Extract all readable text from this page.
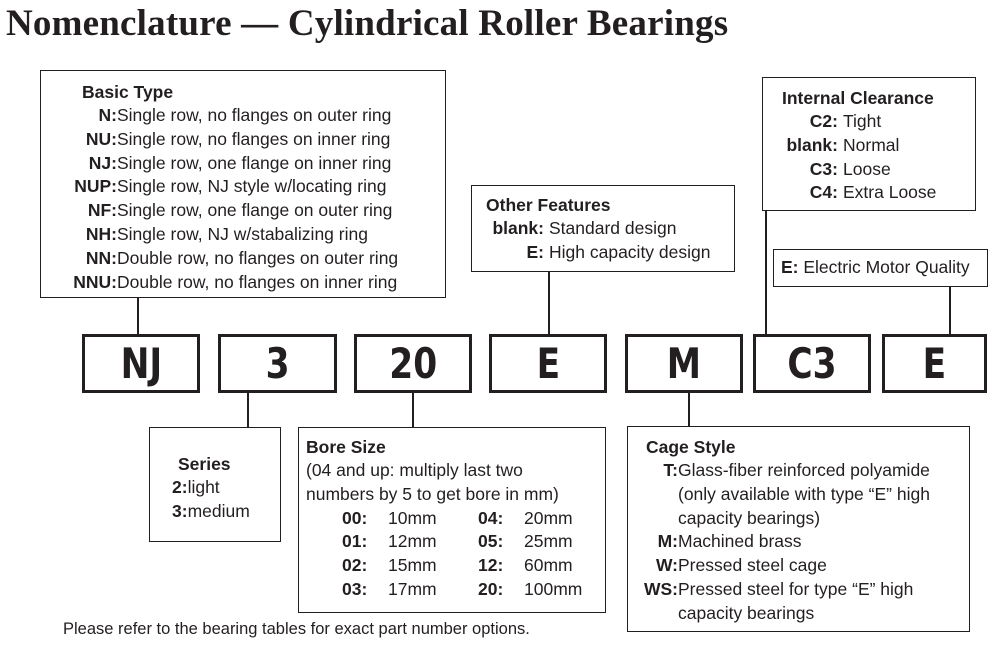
Nomenclature — Cylindrical Roller Bearings
Basic Type
N: Single row, no flanges on outer ring
NU: Single row, no flanges on inner ring
NJ: Single row, one flange on inner ring
NUP: Single row, NJ style w/locating ring
NF: Single row, one flange on outer ring
NH: Single row, NJ w/stabalizing ring
NN: Double row, no flanges on outer ring
NNU: Double row, no flanges on inner ring
Other Features
blank: Standard design
E: High capacity design
Internal Clearance
C2: Tight
blank: Normal
C3: Loose
C4: Extra Loose
E: Electric Motor Quality
NJ 3 20 E	M C3 E
Series
2: light
3: medium
Bore Size
(04 and up: multiply last two
numbers by 5 to get bore in mm)
00:	10mm	04:	20mm
01:	12mm	05:	25mm
02:	15mm	12:	60mm
03:	17mm	20:	100mm
Cage Style
T: Glass-fiber reinforced polyamide
(only available with type “E” high
capacity bearings)
M: Machined brass
W: Pressed steel cage
WS: Pressed steel for type “E” high
capacity bearings
Please refer to the bearing tables for exact part number options.
